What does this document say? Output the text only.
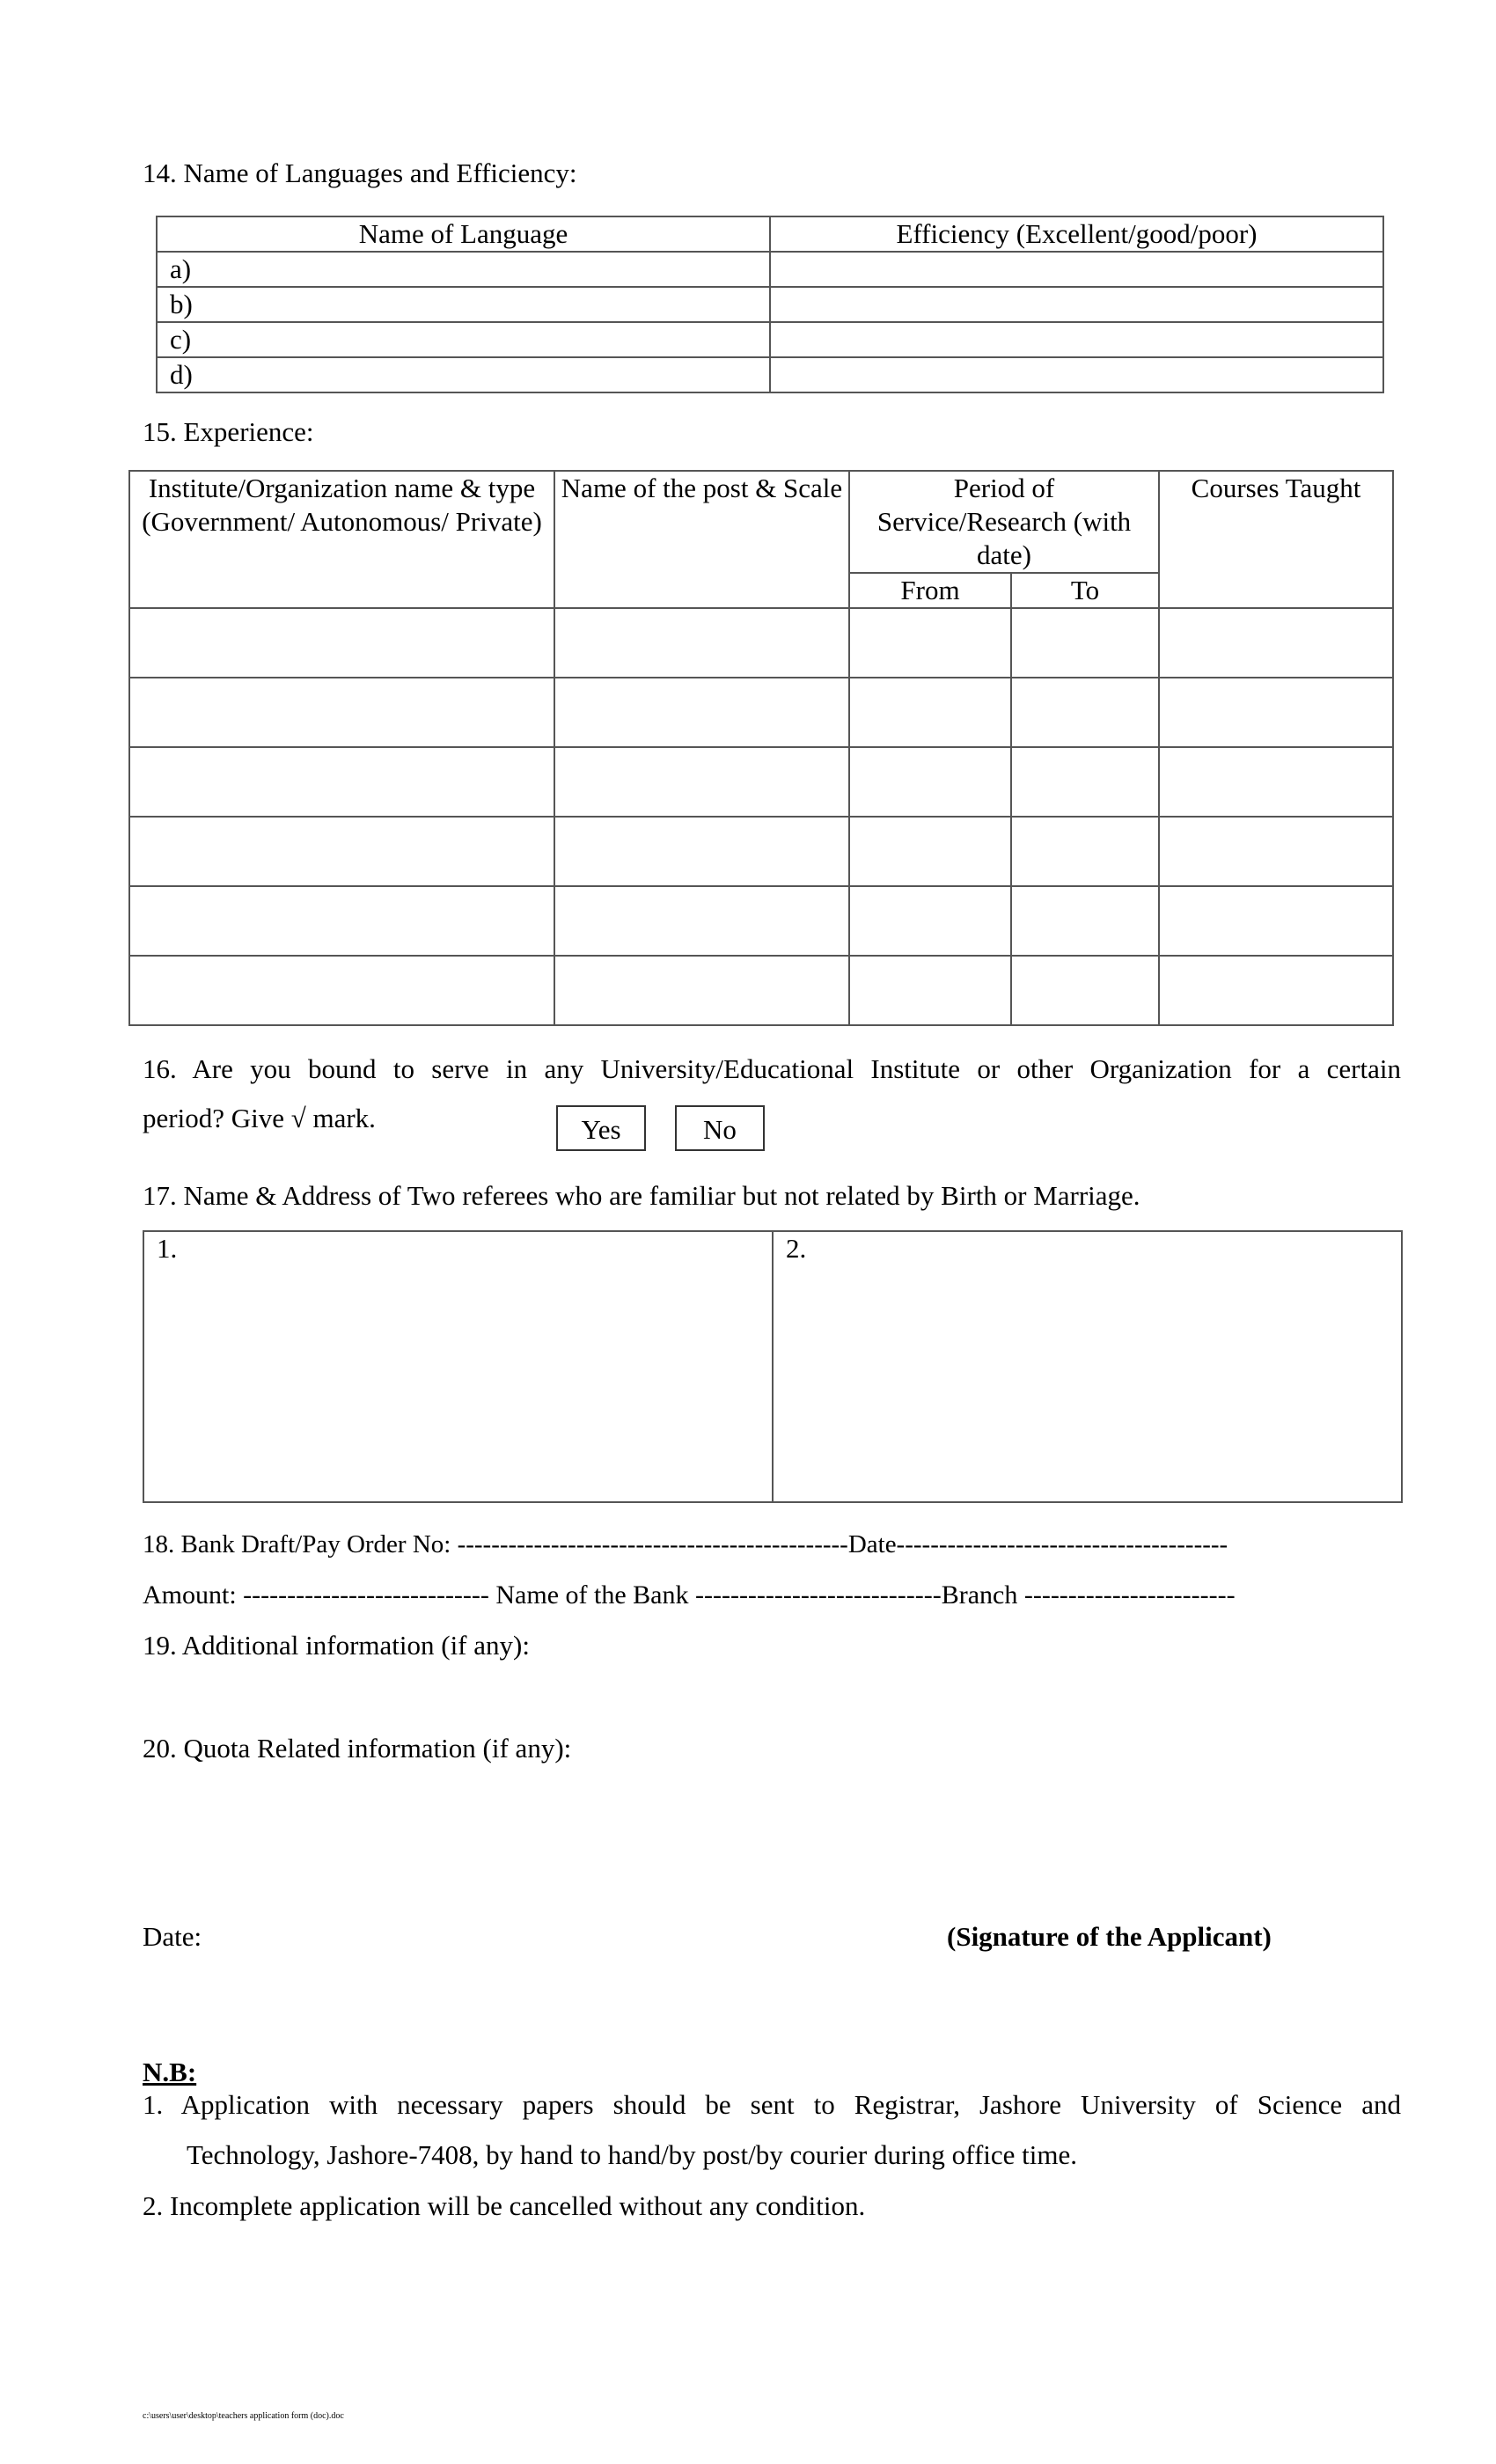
14. Name of Languages and Efficiency:
Name of Language	Efficiency (Excellent/good/poor)
a)	
b)	
c)	
d)	
15. Experience:
Institute/Organization name & type (Government/ Autonomous/ Private)	Name of the post & Scale	Period of Service/Research (with date)		Courses Taught
		From	To	

16. Are you bound to serve in any University/Educational Institute or other Organization for a certain
period? Give √ mark.	Yes	No
17. Name & Address of Two referees who are familiar but not related by Birth or Marriage.
1.	2.
18. Bank Draft/Pay Order No: ----------------------------------------------Date---------------------------------------
Amount: ---------------------------- Name of the Bank ----------------------------Branch ------------------------
19. Additional information (if any):
20. Quota Related information (if any):
Date:	(Signature of the Applicant)
N.B:
1. Application with necessary papers should be sent to Registrar, Jashore University of Science and
Technology, Jashore-7408, by hand to hand/by post/by courier during office time.
2. Incomplete application will be cancelled without any condition.
c:\users\user\desktop\teachers application form (doc).doc
